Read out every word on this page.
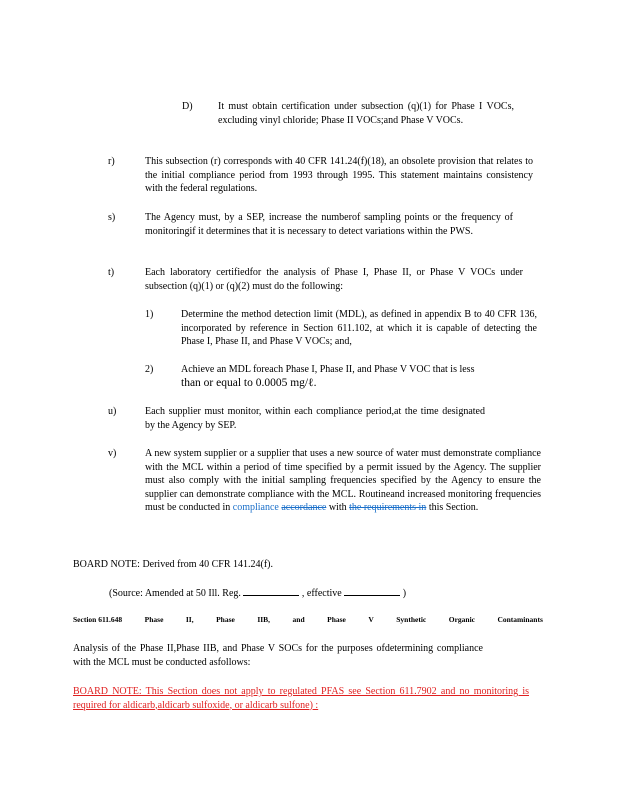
D)	It must obtain certification under subsection (q)(1) for Phase I VOCs, excluding vinyl chloride; Phase II VOCs;and Phase V VOCs.
r)	This subsection (r) corresponds with 40 CFR 141.24(f)(18), an obsolete provision that relates to the initial compliance period from 1993 through 1995. This statement maintains consistency with the federal regulations.
s)	The Agency must, by a SEP, increase the numberof sampling points or the frequency of monitoringif it determines that it is necessary to detect variations within the PWS.
t)	Each laboratory certifiedfor the analysis of Phase I, Phase II, or Phase V VOCs under subsection (q)(1) or (q)(2) must do the following:
1)	Determine the method detection limit (MDL), as defined in appendix B to 40 CFR 136, incorporated by reference in Section 611.102, at which it is capable of detecting the Phase I, Phase II, and Phase V VOCs; and,
2)	Achieve an MDL foreach Phase I, Phase II, and Phase V VOC that is less
than or equal to 0.0005 mg/ℓ.
u)	Each supplier must monitor, within each compliance period,at the time designated by the Agency by SEP.
v)	A new system supplier or a supplier that uses a new source of water must demonstrate compliance with the MCL within a period of time specified by a permit issued by the Agency. The supplier must also comply with the initial sampling frequencies specified by the Agency to ensure the supplier can demonstrate compliance with the MCL. Routineand increased monitoring frequencies must be conducted in compliance accordance with the requirements in this Section.
BOARD NOTE: Derived from 40 CFR 141.24(f).
(Source: Amended at 50 Ill. Reg.	, effective	)
Section 611.648	Phase	II,	Phase	IIB,	and	Phase	V	Synthetic	Organic	Contaminants
Analysis of the Phase II,Phase IIB, and Phase V SOCs for the purposes ofdetermining compliance with the MCL must be conducted asfollows:
BOARD NOTE: This Section does not apply to regulated PFAS see Section 611.7902 and no monitoring is required for aldicarb,aldicarb sulfoxide, or aldicarb sulfone) :
